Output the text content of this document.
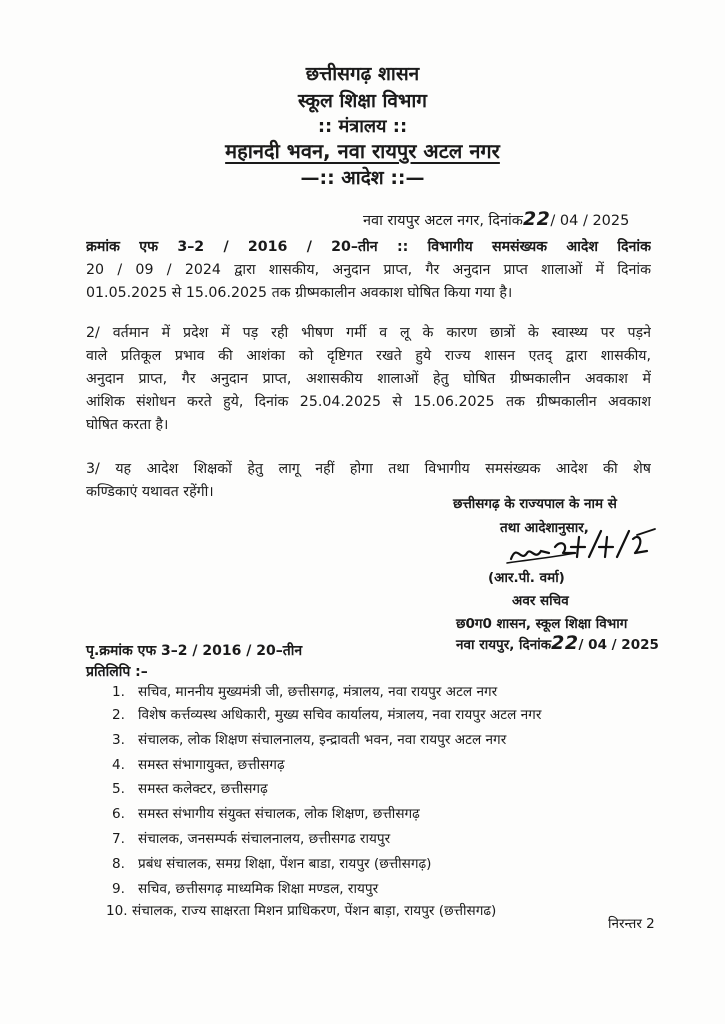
छत्तीसगढ़ शासन
स्कूल शिक्षा विभाग
:: मंत्रालय ::
महानदी भवन, नवा रायपुर अटल नगर
—:: आदेश ::—
नवा रायपुर अटल नगर, दिनांक22/ 04 / 2025
क्रमांक एफ 3–2 / 2016 / 20–तीन :: विभागीय समसंख्यक आदेश दिनांक
20 / 09 / 2024 द्वारा शासकीय, अनुदान प्राप्त, गैर अनुदान प्राप्त शालाओं में दिनांक
01.05.2025 से 15.06.2025 तक ग्रीष्मकालीन अवकाश घोषित किया गया है।
2/ वर्तमान में प्रदेश में पड़ रही भीषण गर्मी व लू के कारण छात्रों के स्वास्थ्य पर पड़ने
वाले प्रतिकूल प्रभाव की आशंका को दृष्टिगत रखते हुये राज्य शासन एतद् द्वारा शासकीय,
अनुदान प्राप्त, गैर अनुदान प्राप्त, अशासकीय शालाओं हेतु घोषित ग्रीष्मकालीन अवकाश में
आंशिक संशोधन करते हुये, दिनांक 25.04.2025 से 15.06.2025 तक ग्रीष्मकालीन अवकाश
घोषित करता है।
3/ यह आदेश शिक्षकों हेतु लागू नहीं होगा तथा विभागीय समसंख्यक आदेश की शेष
कण्डिकाएं यथावत रहेंगी।
छत्तीसगढ़ के राज्यपाल के नाम से
तथा आदेशानुसार,
(आर.पी. वर्मा)
अवर सचिव
छ0ग0 शासन, स्कूल शिक्षा विभाग
नवा रायपुर, दिनांक22/ 04 / 2025
पृ.क्रमांक एफ 3–2 / 2016 / 20–तीन
प्रतिलिपि :–
1. सचिव, माननीय मुख्यमंत्री जी, छत्तीसगढ़, मंत्रालय, नवा रायपुर अटल नगर
2. विशेष कर्त्तव्यस्थ अधिकारी, मुख्य सचिव कार्यालय, मंत्रालय, नवा रायपुर अटल नगर
3. संचालक, लोक शिक्षण संचालनालय, इन्द्रावती भवन, नवा रायपुर अटल नगर
4. समस्त संभागायुक्त, छत्तीसगढ़
5. समस्त कलेक्टर, छत्तीसगढ़
6. समस्त संभागीय संयुक्त संचालक, लोक शिक्षण, छत्तीसगढ़
7. संचालक, जनसम्पर्क संचालनालय, छत्तीसगढ रायपुर
8. प्रबंध संचालक, समग्र शिक्षा, पेंशन बाडा, रायपुर (छत्तीसगढ़)
9. सचिव, छत्तीसगढ़ माध्यमिक शिक्षा मण्डल, रायपुर
10. संचालक, राज्य साक्षरता मिशन प्राधिकरण, पेंशन बाड़ा, रायपुर (छत्तीसगढ)
निरन्तर 2
